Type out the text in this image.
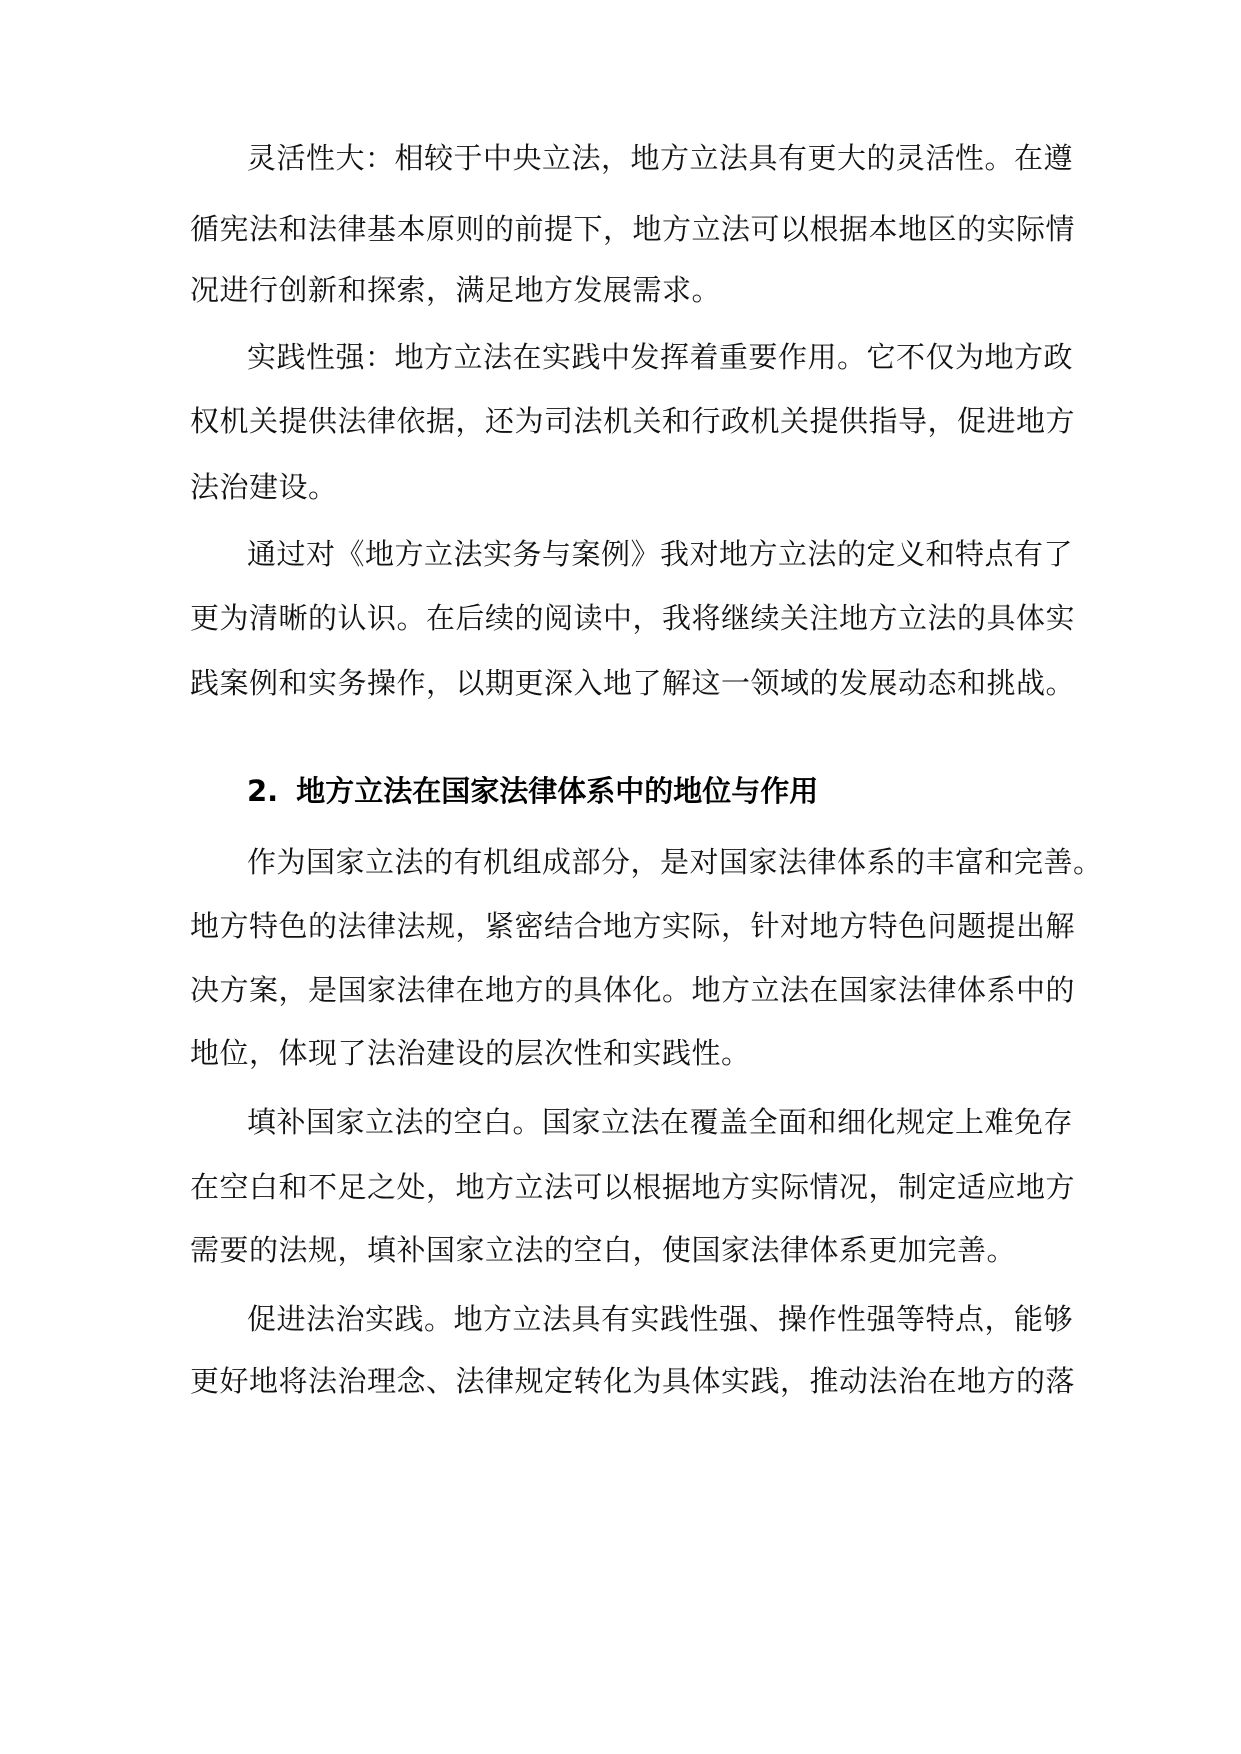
灵活性大：相较于中央立法，地方立法具有更大的灵活性。在遵
循宪法和法律基本原则的前提下，地方立法可以根据本地区的实际情
况进行创新和探索，满足地方发展需求。
实践性强：地方立法在实践中发挥着重要作用。它不仅为地方政
权机关提供法律依据，还为司法机关和行政机关提供指导，促进地方
法治建设。
通过对《地方立法实务与案例》我对地方立法的定义和特点有了
更为清晰的认识。在后续的阅读中，我将继续关注地方立法的具体实
践案例和实务操作，以期更深入地了解这一领域的发展动态和挑战。
2. 地方立法在国家法律体系中的地位与作用
作为国家立法的有机组成部分，是对国家法律体系的丰富和完善。
地方特色的法律法规，紧密结合地方实际，针对地方特色问题提出解
决方案，是国家法律在地方的具体化。地方立法在国家法律体系中的
地位，体现了法治建设的层次性和实践性。
填补国家立法的空白。国家立法在覆盖全面和细化规定上难免存
在空白和不足之处，地方立法可以根据地方实际情况，制定适应地方
需要的法规，填补国家立法的空白，使国家法律体系更加完善。
促进法治实践。地方立法具有实践性强、操作性强等特点，能够
更好地将法治理念、法律规定转化为具体实践，推动法治在地方的落
